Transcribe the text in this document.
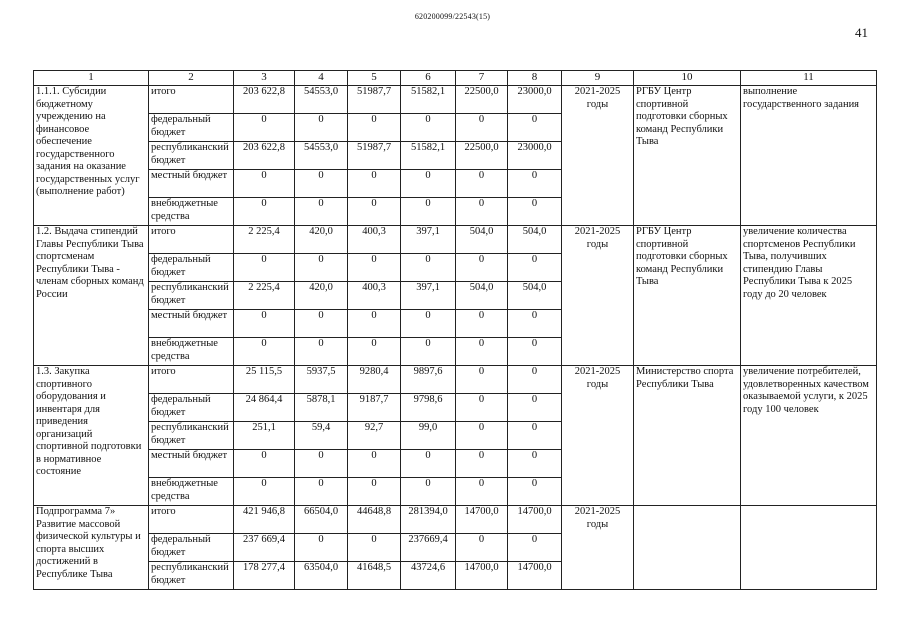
620200099/22543(15)
41
1	2	3	4	5	6	7	8	9	10	11
1.1.1. Субсидии бюджетному учреждению на финансовое обеспечение государственного задания на оказание государственных услуг (выполнение работ)	итого	203 622,8	54553,0	51987,7	51582,1	22500,0	23000,0	2021-2025 годы	РГБУ Центр спортивной подготовки сборных команд Республики Тыва	выполнение государственного задания
	федеральный бюджет	0	0	0	0	0	0			
	республиканский бюджет	203 622,8	54553,0	51987,7	51582,1	22500,0	23000,0			
	местный бюджет	0	0	0	0	0	0			
	внебюджетные средства	0	0	0	0	0	0			
1.2. Выдача стипендий Главы Республики Тыва спортсменам Республики Тыва - членам сборных команд России	итого	2 225,4	420,0	400,3	397,1	504,0	504,0	2021-2025 годы	РГБУ Центр спортивной подготовки сборных команд Республики Тыва	увеличение количества спортсменов Республики Тыва, получивших стипендию Главы Республики Тыва к 2025 году до 20 человек
	федеральный бюджет	0	0	0	0	0	0			
	республиканский бюджет	2 225,4	420,0	400,3	397,1	504,0	504,0			
	местный бюджет	0	0	0	0	0	0			
	внебюджетные средства	0	0	0	0	0	0			
1.3. Закупка спортивного оборудования и инвентаря для приведения организаций спортивной подготовки в нормативное состояние	итого	25 115,5	5937,5	9280,4	9897,6	0	0	2021-2025 годы	Министерство спорта Республики Тыва	увеличение потребителей, удовлетворенных качеством оказываемой услуги, к 2025 году 100 человек
	федеральный бюджет	24 864,4	5878,1	9187,7	9798,6	0	0			
	республиканский бюджет	251,1	59,4	92,7	99,0	0	0			
	местный бюджет	0	0	0	0	0	0			
	внебюджетные средства	0	0	0	0	0	0			
Подпрограмма 7» Развитие массовой физической культуры и спорта высших достижений в Республике Тыва	итого	421 946,8	66504,0	44648,8	281394,0	14700,0	14700,0	2021-2025 годы		
	федеральный бюджет	237 669,4	0	0	237669,4	0	0			
	республиканский бюджет	178 277,4	63504,0	41648,5	43724,6	14700,0	14700,0			
